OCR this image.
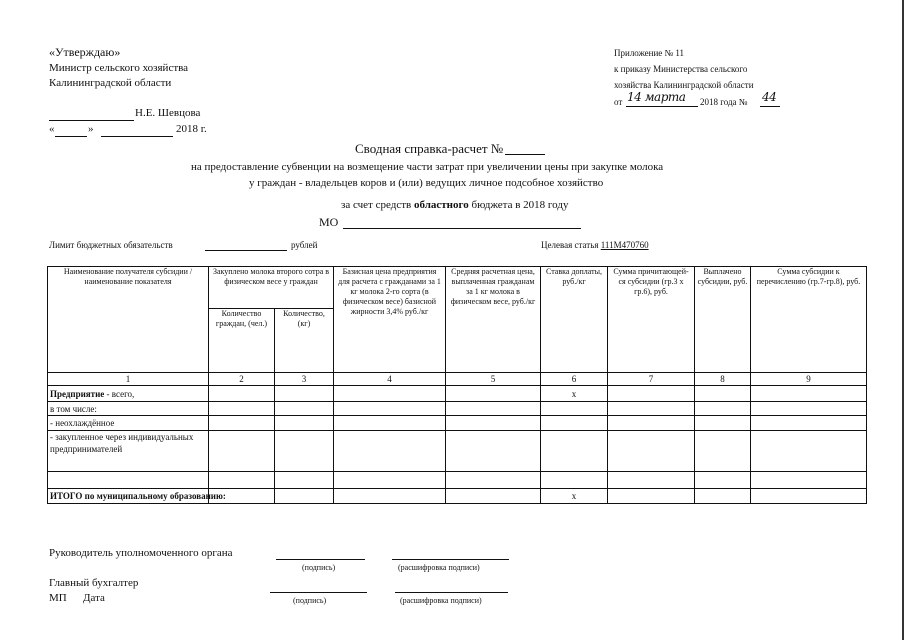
«Утверждаю»
Министр сельского хозяйства
Калининградской области
Н.Е. Шевцова
«	»	2018 г.
Приложение № 11
к приказу Министерства сельского
хозяйства Калининградской области
от 14 марта 2018 года № 44
Сводная справка-расчет №
на предоставление субвенции на возмещение части затрат при увеличении цены при закупке молока
у граждан - владельцев коров и (или) ведущих личное подсобное хозяйство
за счет средств областного бюджета в 2018 году
МО
Лимит бюджетных обязательств	рублей	Целевая статья 111M470760
Наименование получателя субсидии / наименование показателя	Закуплено молока второго сотра в физическом весе у граждан		Базисная цена предприятия для расчета с гражданами за 1 кг молока 2-го сорта (в физическом весе) базисной жирности 3,4% руб./кг	Средняя расчетная цена, выплаченная гражданам за 1 кг молока в физическом весе, руб./кг	Ставка доплаты, руб./кг	Сумма причитающей-ся субсидии (гр.3 х гр.6), руб.	Выплачено субсидии, руб.	Сумма субсидии к перечислению (гр.7-гр.8), руб.
	Количество граждан, (чел.)	Количество, (кг)						
1	2	3	4	5	6	7	8	9
Предприятие - всего,					х			
в том числе:								
- неохлаждённое								
- закупленное через индивидуальных предпринимателей								

ИТОГО по муниципальному образованию:					х			
Руководитель уполномоченного органа
(подпись)	(расшифровка подписи)
Главный бухгалтер
МП Дата	(подпись)	(расшифровка подписи)
